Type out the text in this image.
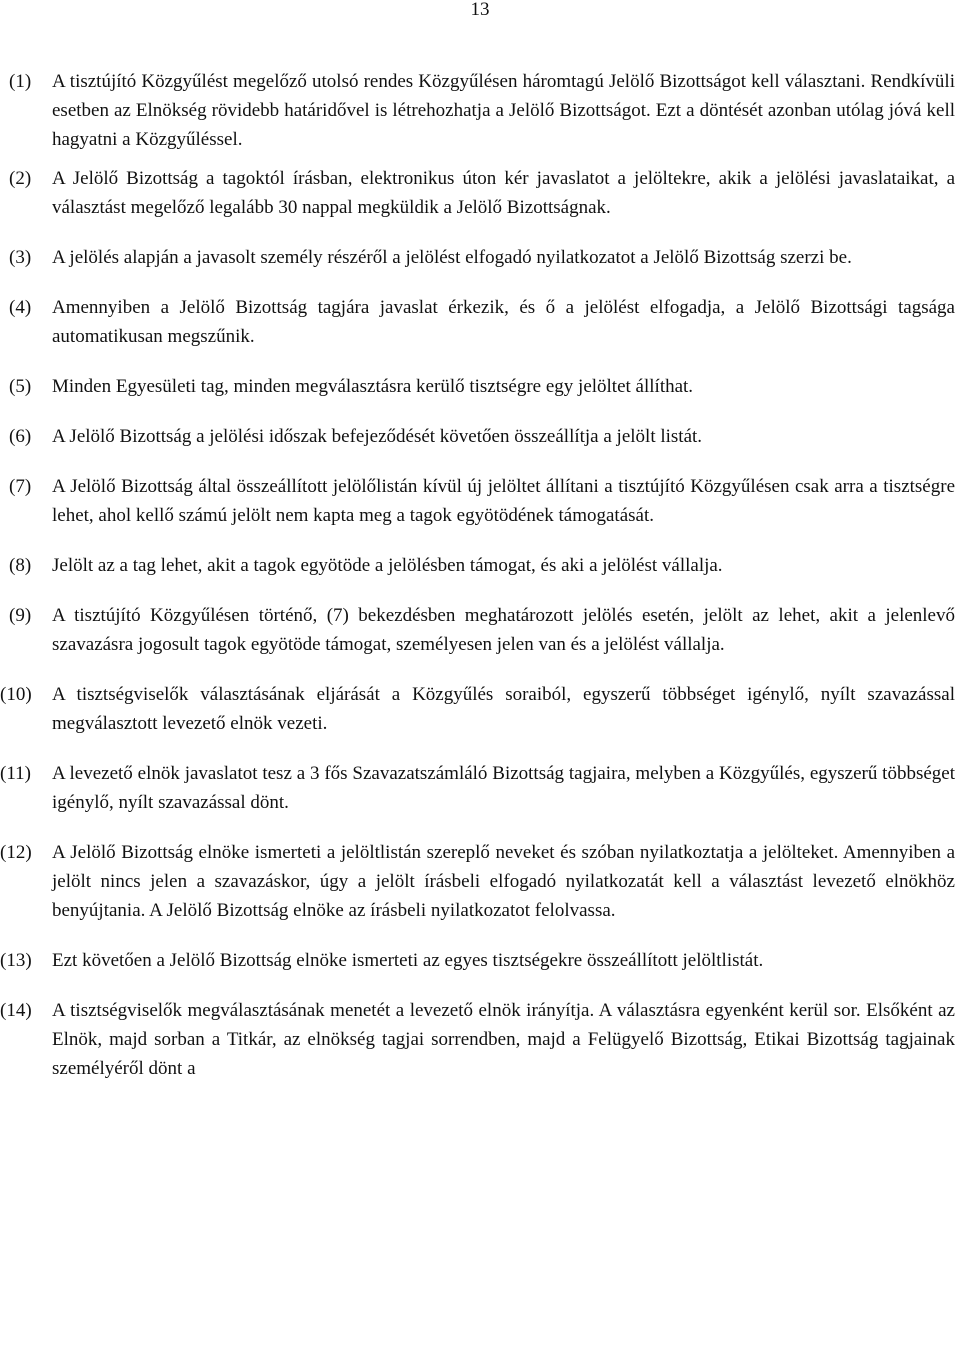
13
(1) A tisztújító Közgyűlést megelőző utolsó rendes Közgyűlésen háromtagú Jelölő Bizottságot kell választani. Rendkívüli esetben az Elnökség rövidebb határidővel is létrehozhatja a Jelölő Bizottságot. Ezt a döntését azonban utólag jóvá kell hagyatni a Közgyűléssel.
(2) A Jelölő Bizottság a tagoktól írásban, elektronikus úton kér javaslatot a jelöltekre, akik a jelölési javaslataikat, a választást megelőző legalább 30 nappal megküldik a Jelölő Bizottságnak.
(3) A jelölés alapján a javasolt személy részéről a jelölést elfogadó nyilatkozatot a Jelölő Bizottság szerzi be.
(4) Amennyiben a Jelölő Bizottság tagjára javaslat érkezik, és ő a jelölést elfogadja, a Jelölő Bizottsági tagsága automatikusan megszűnik.
(5) Minden Egyesületi tag, minden megválasztásra kerülő tisztségre egy jelöltet állíthat.
(6) A Jelölő Bizottság a jelölési időszak befejeződését követően összeállítja a jelölt listát.
(7) A Jelölő Bizottság által összeállított jelölőlistán kívül új jelöltet állítani a tisztújító Közgyűlésen csak arra a tisztségre lehet, ahol kellő számú jelölt nem kapta meg a tagok egyötödének támogatását.
(8) Jelölt az a tag lehet, akit a tagok egyötöde a jelölésben támogat, és aki a jelölést vállalja.
(9) A tisztújító Közgyűlésen történő, (7) bekezdésben meghatározott jelölés esetén, jelölt az lehet, akit a jelenlevő szavazásra jogosult tagok egyötöde támogat, személyesen jelen van és a jelölést vállalja.
(10) A tisztségviselők választásának eljárását a Közgyűlés soraiból, egyszerű többséget igénylő, nyílt szavazással megválasztott levezető elnök vezeti.
(11) A levezető elnök javaslatot tesz a 3 fős Szavazatszámláló Bizottság tagjaira, melyben a Közgyűlés, egyszerű többséget igénylő, nyílt szavazással dönt.
(12) A Jelölő Bizottság elnöke ismerteti a jelöltlistán szereplő neveket és szóban nyilatkoztatja a jelölteket. Amennyiben a jelölt nincs jelen a szavazáskor, úgy a jelölt írásbeli elfogadó nyilatkozatát kell a választást levezető elnökhöz benyújtania. A Jelölő Bizottság elnöke az írásbeli nyilatkozatot felolvassa.
(13) Ezt követően a Jelölő Bizottság elnöke ismerteti az egyes tisztségekre összeállított jelöltlistát.
(14) A tisztségviselők megválasztásának menetét a levezető elnök irányítja. A választásra egyenként kerül sor. Elsőként az Elnök, majd sorban a Titkár, az elnökség tagjai sorrendben, majd a Felügyelő Bizottság, Etikai Bizottság tagjainak személyéről dönt a
